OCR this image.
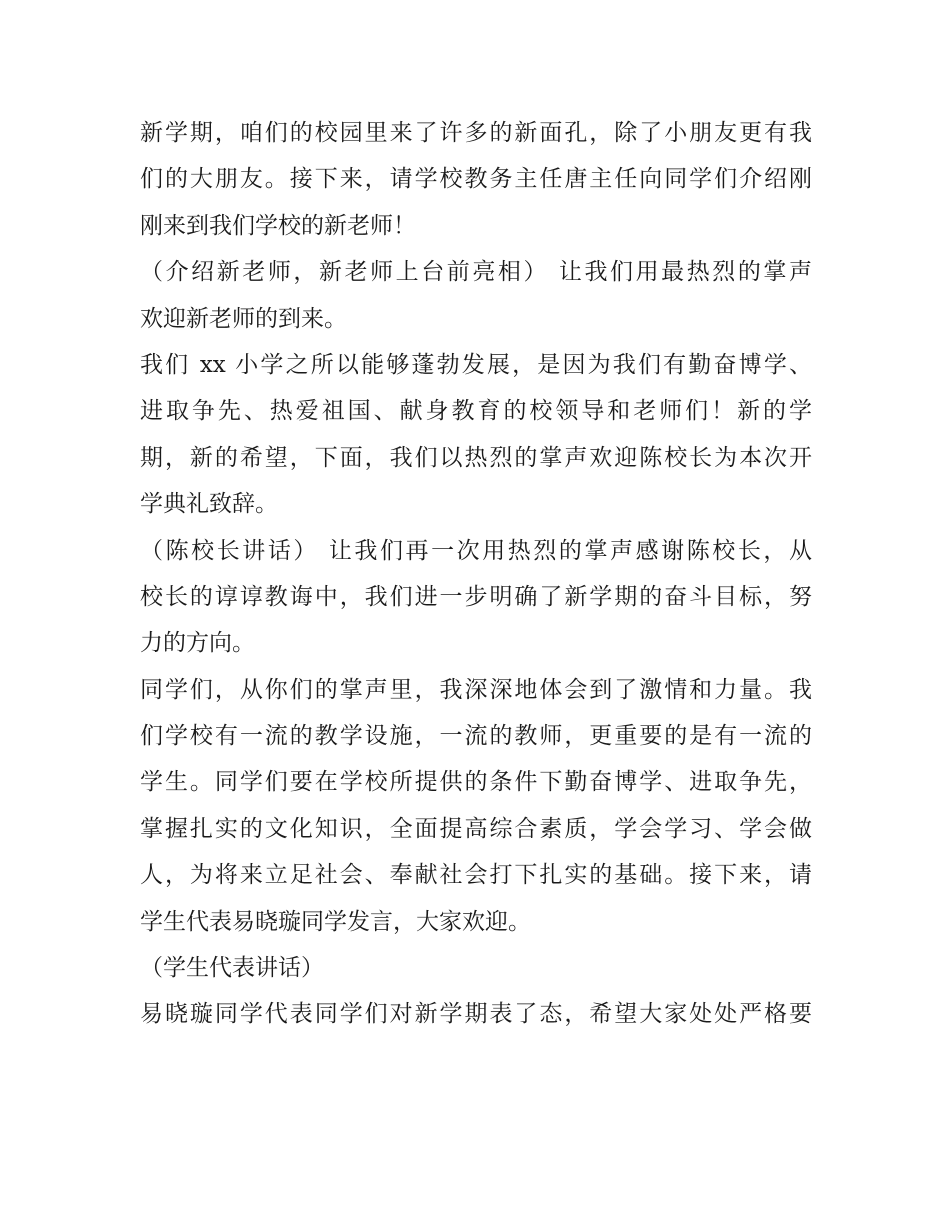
新学期，咱们的校园里来了许多的新面孔，除了小朋友更有我
们的大朋友。接下来，请学校教务主任唐主任向同学们介绍刚
刚来到我们学校的新老师！
（介绍新老师，新老师上台前亮相） 让我们用最热烈的掌声
欢迎新老师的到来。
我们 xx 小学之所以能够蓬勃发展，是因为我们有勤奋博学、
进取争先、热爱祖国、献身教育的校领导和老师们！新的学
期，新的希望，下面，我们以热烈的掌声欢迎陈校长为本次开
学典礼致辞。
（陈校长讲话） 让我们再一次用热烈的掌声感谢陈校长，从
校长的谆谆教诲中，我们进一步明确了新学期的奋斗目标，努
力的方向。
同学们，从你们的掌声里，我深深地体会到了激情和力量。我
们学校有一流的教学设施，一流的教师，更重要的是有一流的
学生。同学们要在学校所提供的条件下勤奋博学、进取争先，
掌握扎实的文化知识，全面提高综合素质，学会学习、学会做
人，为将来立足社会、奉献社会打下扎实的基础。接下来，请
学生代表易晓璇同学发言，大家欢迎。
（学生代表讲话）
易晓璇同学代表同学们对新学期表了态，希望大家处处严格要
